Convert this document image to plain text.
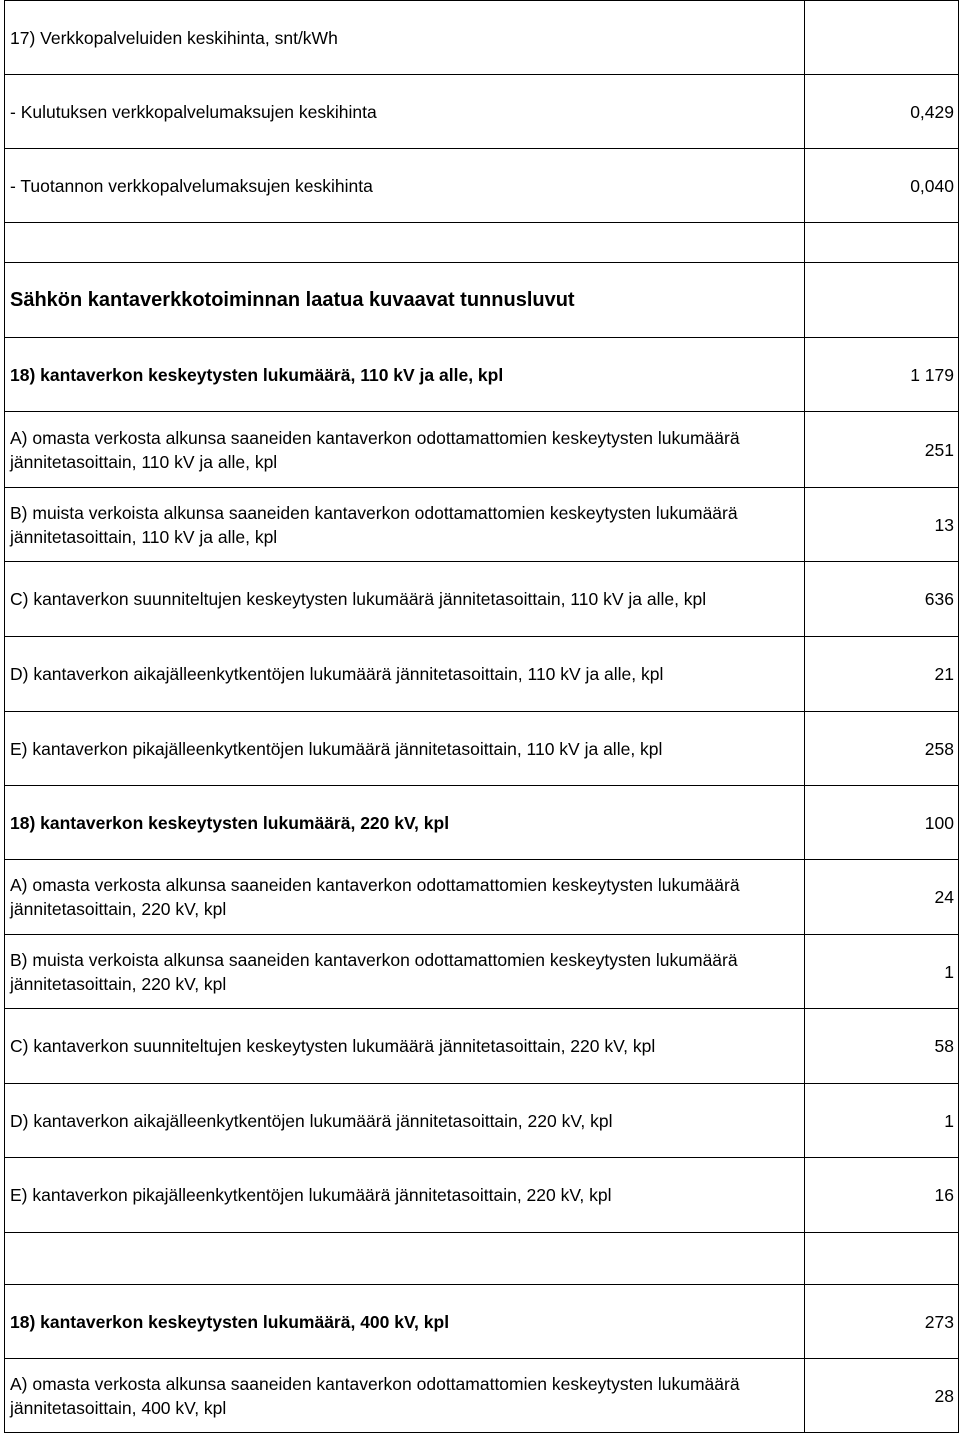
17) Verkkopalveluiden keskihinta, snt/kWh	
- Kulutuksen verkkopalvelumaksujen keskihinta	0,429
- Tuotannon verkkopalvelumaksujen keskihinta	0,040

Sähkön kantaverkkotoiminnan laatua kuvaavat tunnusluvut	
18) kantaverkon keskeytysten lukumäärä, 110 kV ja alle, kpl	1 179
A) omasta verkosta alkunsa saaneiden kantaverkon odottamattomien keskeytysten lukumäärä jännitetasoittain, 110 kV ja alle, kpl	251
B) muista verkoista alkunsa saaneiden kantaverkon odottamattomien keskeytysten lukumäärä jännitetasoittain, 110 kV ja alle, kpl	13
C) kantaverkon suunniteltujen keskeytysten lukumäärä jännitetasoittain, 110 kV ja alle, kpl	636
D) kantaverkon aikajälleenkytkentöjen lukumäärä jännitetasoittain, 110 kV ja alle, kpl	21
E) kantaverkon pikajälleenkytkentöjen lukumäärä jännitetasoittain, 110 kV ja alle, kpl	258
18) kantaverkon keskeytysten lukumäärä, 220 kV, kpl	100
A) omasta verkosta alkunsa saaneiden kantaverkon odottamattomien keskeytysten lukumäärä jännitetasoittain, 220 kV, kpl	24
B) muista verkoista alkunsa saaneiden kantaverkon odottamattomien keskeytysten lukumäärä jännitetasoittain, 220 kV, kpl	1
C) kantaverkon suunniteltujen keskeytysten lukumäärä jännitetasoittain, 220 kV, kpl	58
D) kantaverkon aikajälleenkytkentöjen lukumäärä jännitetasoittain, 220 kV, kpl	1
E) kantaverkon pikajälleenkytkentöjen lukumäärä jännitetasoittain, 220 kV, kpl	16

18) kantaverkon keskeytysten lukumäärä, 400 kV, kpl	273
A) omasta verkosta alkunsa saaneiden kantaverkon odottamattomien keskeytysten lukumäärä jännitetasoittain, 400 kV, kpl	28
